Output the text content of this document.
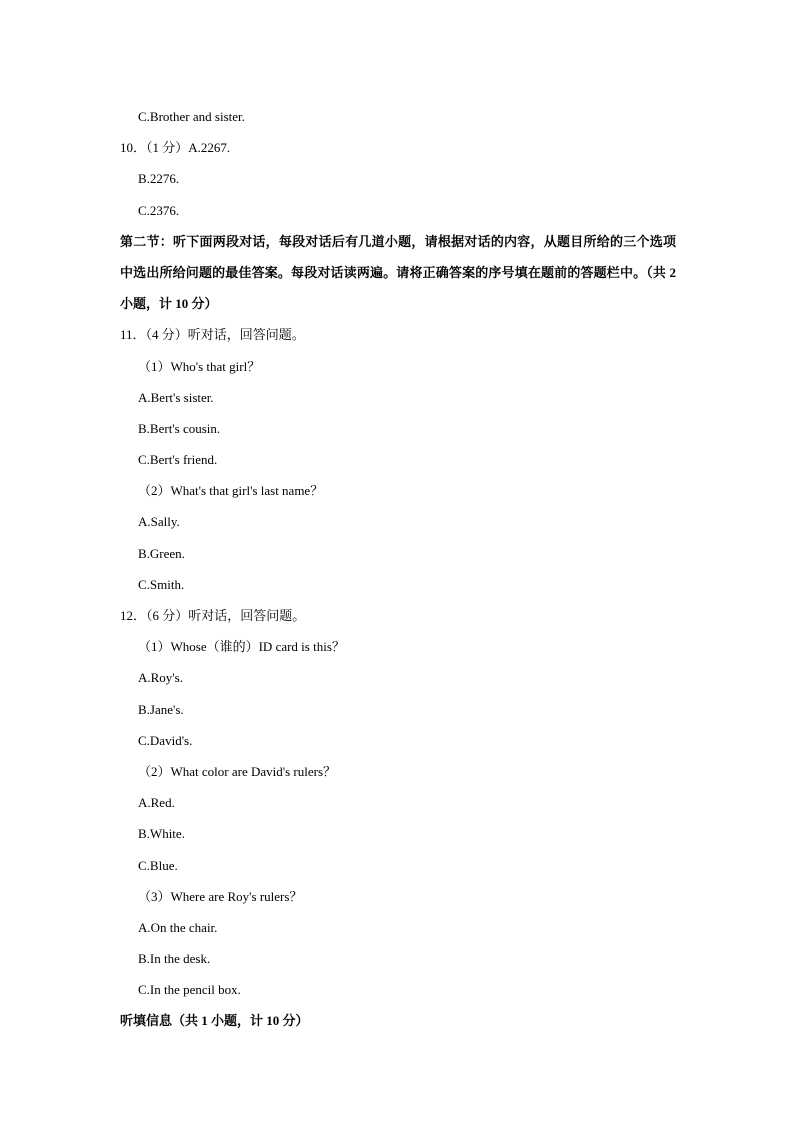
C.Brother and sister.
10．（1 分）A.2267.
B.2276.
C.2376.
第二节：听下面两段对话，每段对话后有几道小题，请根据对话的内容，从题目所给的三个选项中选出所给问题的最佳答案。每段对话读两遍。请将正确答案的序号填在题前的答题栏中。（共 2 小题，计 10 分）
11．（4 分）听对话，回答问题。
（1）Who's that girl？
A.Bert's sister.
B.Bert's cousin.
C.Bert's friend.
（2）What's that girl's last name？
A.Sally.
B.Green.
C.Smith.
12．（6 分）听对话，回答问题。
（1）Whose（谁的）ID card is this？
A.Roy's.
B.Jane's.
C.David's.
（2）What color are David's rulers？
A.Red.
B.White.
C.Blue.
（3）Where are Roy's rulers？
A.On the chair.
B.In the desk.
C.In the pencil box.
听填信息（共 1 小题，计 10 分）
